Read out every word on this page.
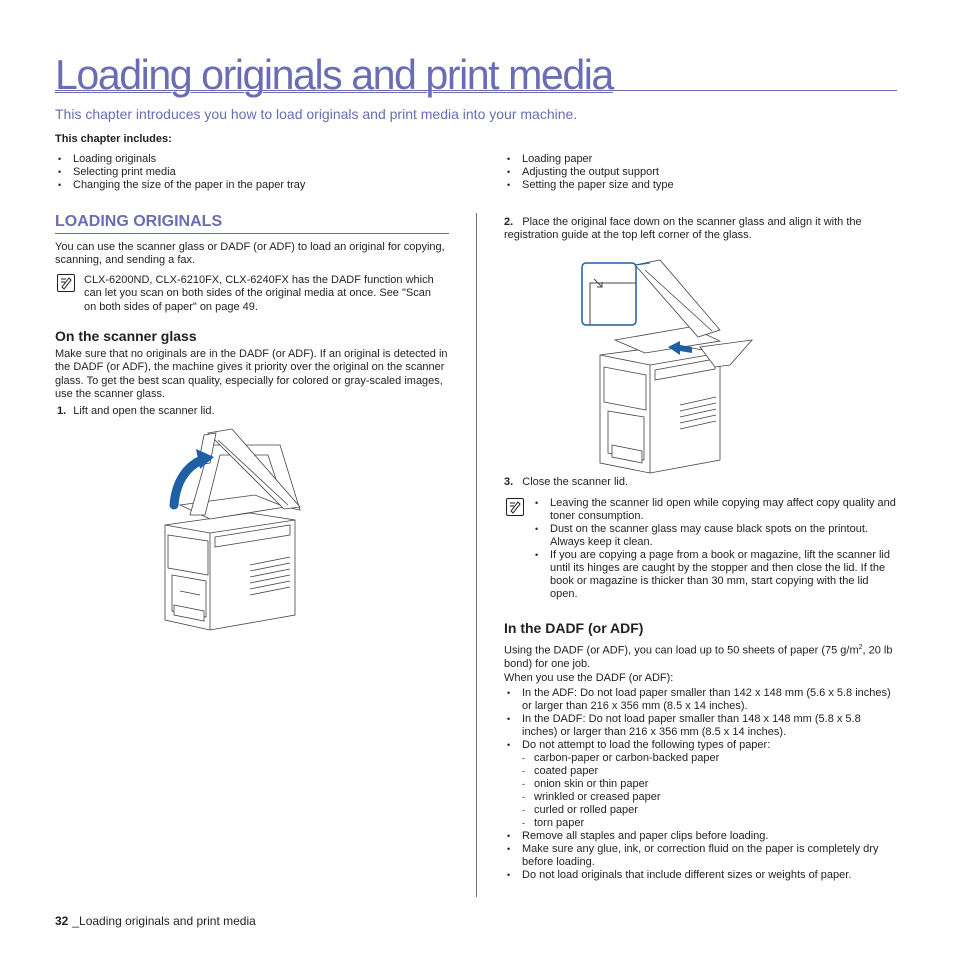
Loading originals and print media
This chapter introduces you how to load originals and print media into your machine.
This chapter includes:
• Loading originals
• Selecting print media
• Changing the size of the paper in the paper tray
• Loading paper
• Adjusting the output support
• Setting the paper size and type
LOADING ORIGINALS
You can use the scanner glass or DADF (or ADF) to load an original for copying, scanning, and sending a fax.
CLX-6200ND, CLX-6210FX, CLX-6240FX has the DADF function which can let you scan on both sides of the original media at once. See "Scan on both sides of paper" on page 49.
On the scanner glass
Make sure that no originals are in the DADF (or ADF). If an original is detected in the DADF (or ADF), the machine gives it priority over the original on the scanner glass. To get the best scan quality, especially for colored or gray-scaled images, use the scanner glass.
1. Lift and open the scanner lid.
2. Place the original face down on the scanner glass and align it with the registration guide at the top left corner of the glass.
3. Close the scanner lid.
• Leaving the scanner lid open while copying may affect copy quality and toner consumption.
• Dust on the scanner glass may cause black spots on the printout. Always keep it clean.
• If you are copying a page from a book or magazine, lift the scanner lid until its hinges are caught by the stopper and then close the lid. If the book or magazine is thicker than 30 mm, start copying with the lid open.
In the DADF (or ADF)
Using the DADF (or ADF), you can load up to 50 sheets of paper (75 $g/m^2$, 20 lb bond) for one job.
When you use the DADF (or ADF):
• In the ADF: Do not load paper smaller than 142 x 148 mm (5.6 x 5.8 inches) or larger than 216 x 356 mm (8.5 x 14 inches).
• In the DADF: Do not load paper smaller than 148 x 148 mm (5.8 x 5.8 inches) or larger than 216 x 356 mm (8.5 x 14 inches).
• Do not attempt to load the following types of paper:
- carbon-paper or carbon-backed paper
- coated paper
- onion skin or thin paper
- wrinkled or creased paper
- curled or rolled paper
- torn paper
• Remove all staples and paper clips before loading.
• Make sure any glue, ink, or correction fluid on the paper is completely dry before loading.
• Do not load originals that include different sizes or weights of paper.
32 _Loading originals and print media
